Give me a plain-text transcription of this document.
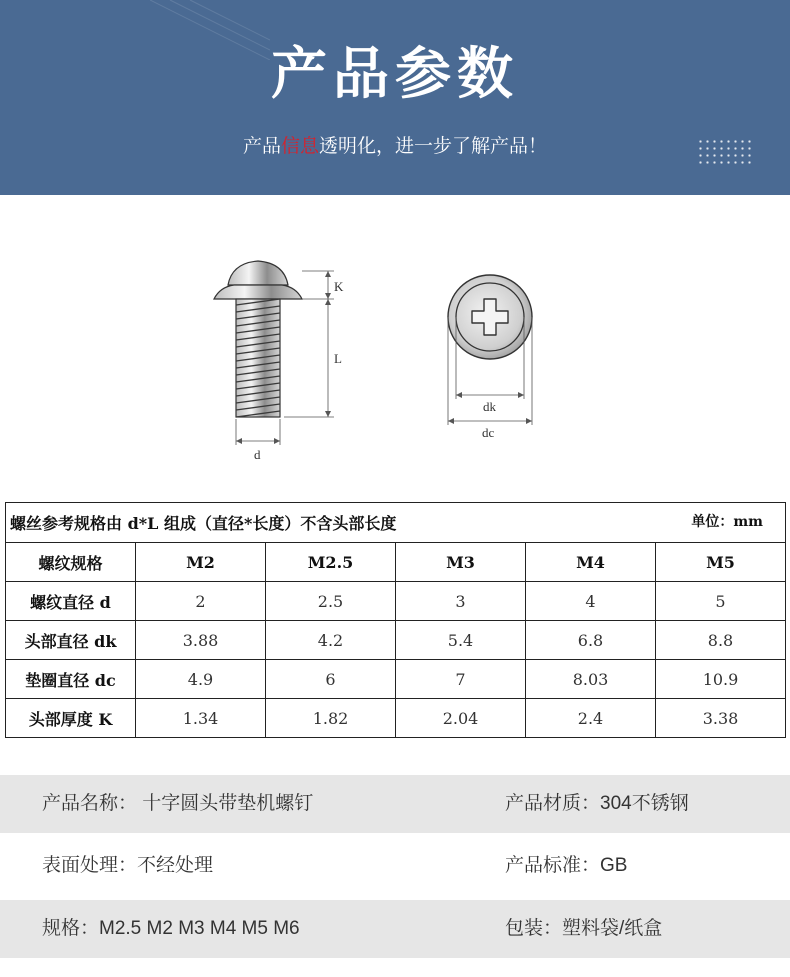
产品参数
产品信息透明化，进一步了解产品！
K
L
d
dk
dc
螺丝参考规格由 d*L 组成（直径*长度）不含头部长度 单位：mm					

螺纹规格	M2	M2.5	M3	M4	M5
螺纹直径 d	2	2.5	3	4	5
头部直径 dk	3.88	4.2	5.4	6.8	8.8
垫圈直径 dc	4.9	6	7	8.03	10.9
头部厚度 K	1.34	1.82	2.04	2.4	3.38
产品名称： 十字圆头带垫机螺钉	产品材质：304不锈钢
表面处理：不经处理	产品标准：GB
规格：M2.5 M2 M3 M4 M5 M6	包装：塑料袋/纸盒
